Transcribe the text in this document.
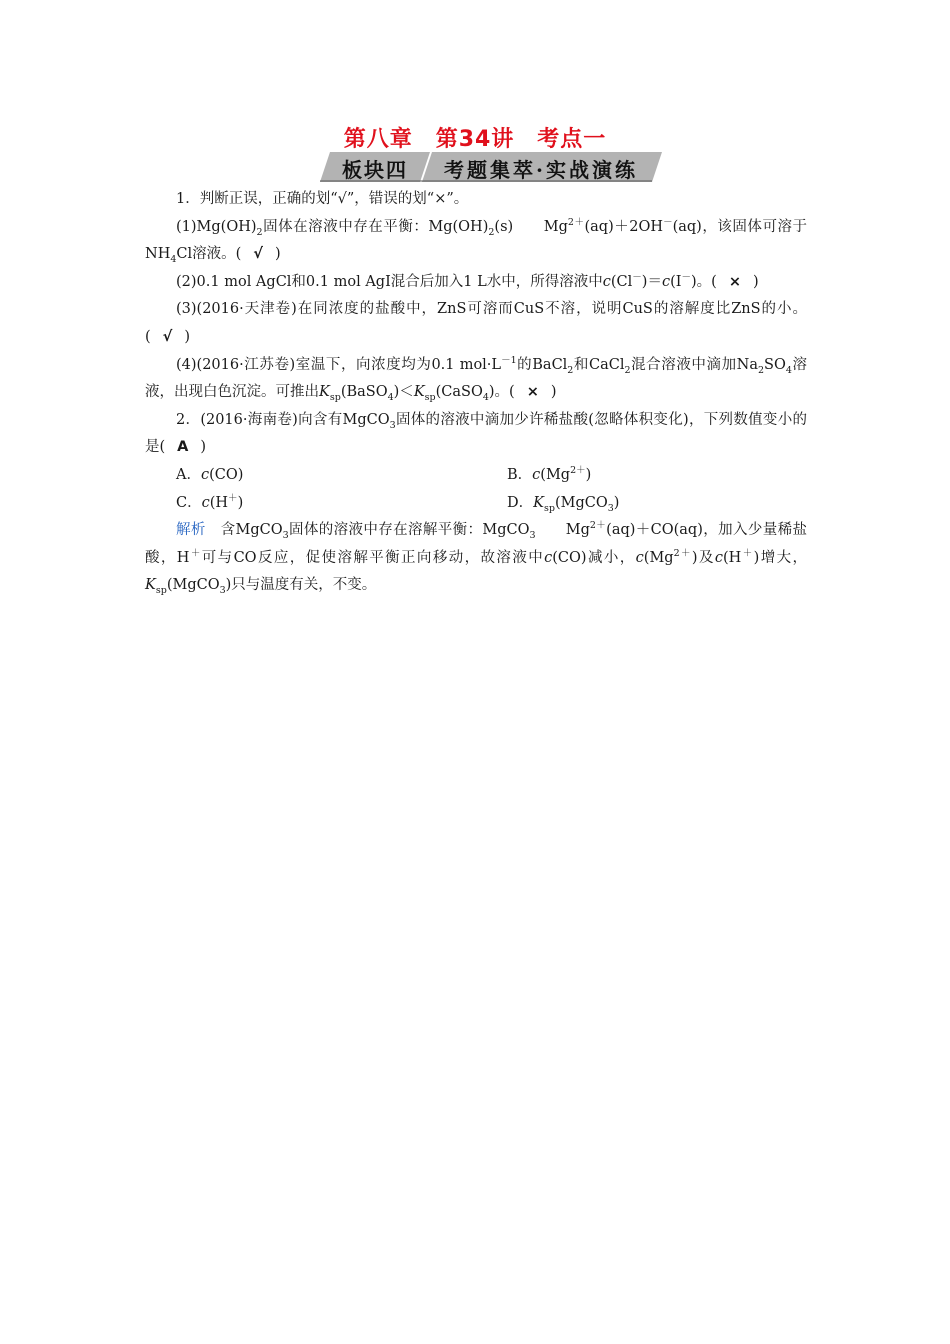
第八章　第34讲　考点一
板块四 考题集萃·实战演练

1．判断正误，正确的划“√”，错误的划“×”。

$(1)Mg(OH)_2$固体在溶液中存在平衡：$Mg(OH)_2(s)$　　$Mg^{2+}(aq)+2OH^-(aq)$，该固体可溶于$NH_4Cl$溶液。( √ )

(2)0.1 mol AgCl和0.1 mol AgI混合后加入1 L水中，所得溶液中c(Cl－)＝c(I－)。( × )

(3)(2016·天津卷)在同浓度的盐酸中，ZnS可溶而CuS不溶，说明CuS的溶解度比ZnS的小。( √ )

(4)(2016·江苏卷)室温下，向浓度均为0.1 $mol\cdot L^{-1}$的BaCl$_2$和CaCl$_2$混合溶液中滴加$Na_2SO_4$溶液，出现白色沉淀。可推出$K_{sp}(BaSO_4)<K_{sp}(CaSO_4)$。( × )

2．(2016·海南卷)向含有MgCO$_3$固体的溶液中滴加少许稀盐酸(忽略体积变化)，下列数值变小的是( A )

A．c(CO)	B．$c(Mg^{2+})$
C．c(H＋)	D．$K_{sp}(MgCO_3)$

解析　 含MgCO$_3$固体的溶液中存在溶解平衡：MgCO$_3$　　$Mg^{2+}(aq)+CO(aq)$，加入少量稀盐酸，H＋可与CO反应，促使溶解平衡正向移动，故溶液中c(CO)减小，$c(Mg^{2+})$及c(H＋)增大，$K_{sp}(MgCO_3)$只与温度有关，不变。
